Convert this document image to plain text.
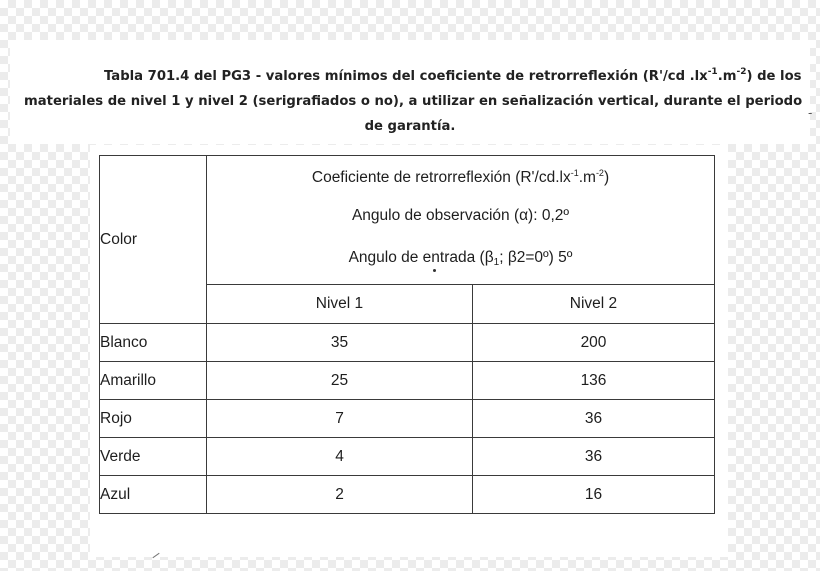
Tabla 701.4 del PG3 - valores mínimos del coeficiente de retrorreflexión (R'/cd $.lx^{-1}.m^{-2}$) de los
materiales de nivel 1 y nivel 2 (serigrafiados o no), a utilizar en señalización vertical, durante el periodo
de garantía.
-
Color	Coeficiente de retrorreflexión $(R'/cd.lx^{-1}.m^{-2})$
Angulo de observación (α): 0,2º
Angulo de entrada ($\beta_1$; β2=0º) 5º	

	Nivel 1	Nivel 2
Blanco	35	200
Amarillo	25	136
Rojo	7	36
Verde	4	36
Azul	2	16
